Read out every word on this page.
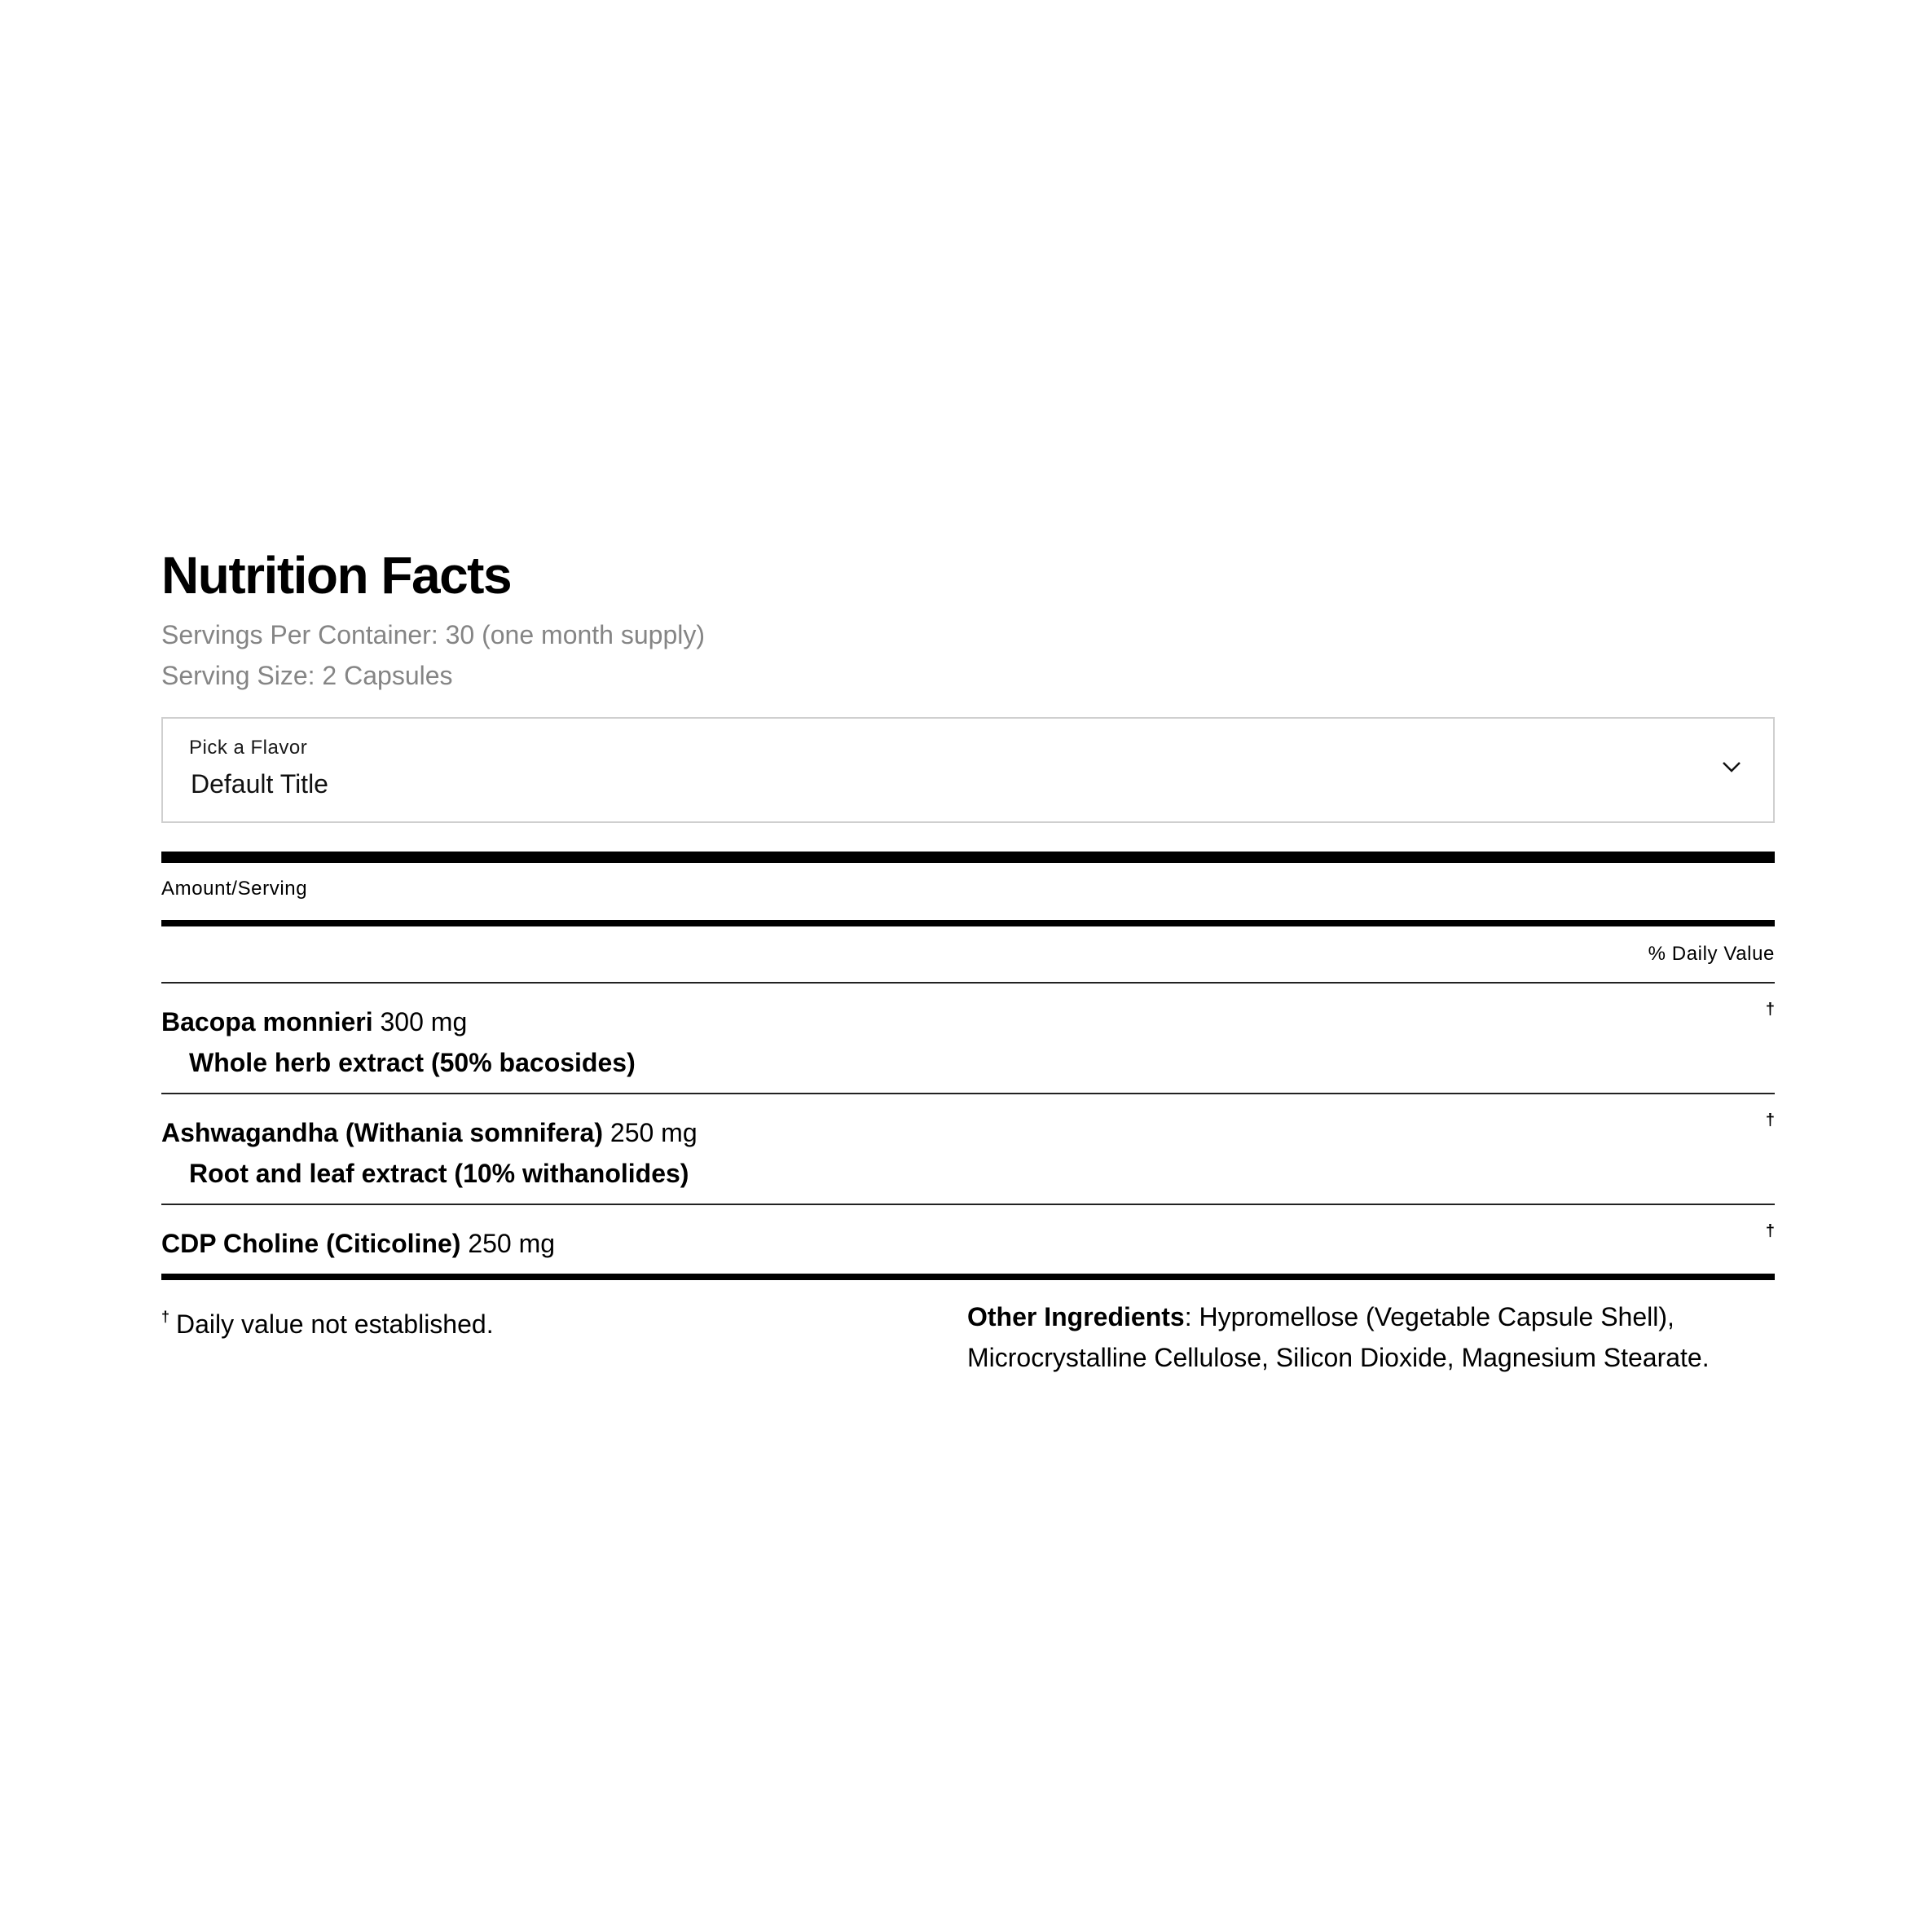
Nutrition Facts
Servings Per Container: 30 (one month supply)
Serving Size: 2 Capsules
Pick a Flavor
Default Title
Amount/Serving
% Daily Value
Bacopa monnieri 300 mg
Whole herb extract (50% bacosides)
†
Ashwagandha (Withania somnifera) 250 mg
Root and leaf extract (10% withanolides)
†
CDP Choline (Citicoline) 250 mg	†
† Daily value not established.	Other Ingredients: Hypromellose (Vegetable Capsule Shell), Microcrystalline Cellulose, Silicon Dioxide, Magnesium Stearate.
